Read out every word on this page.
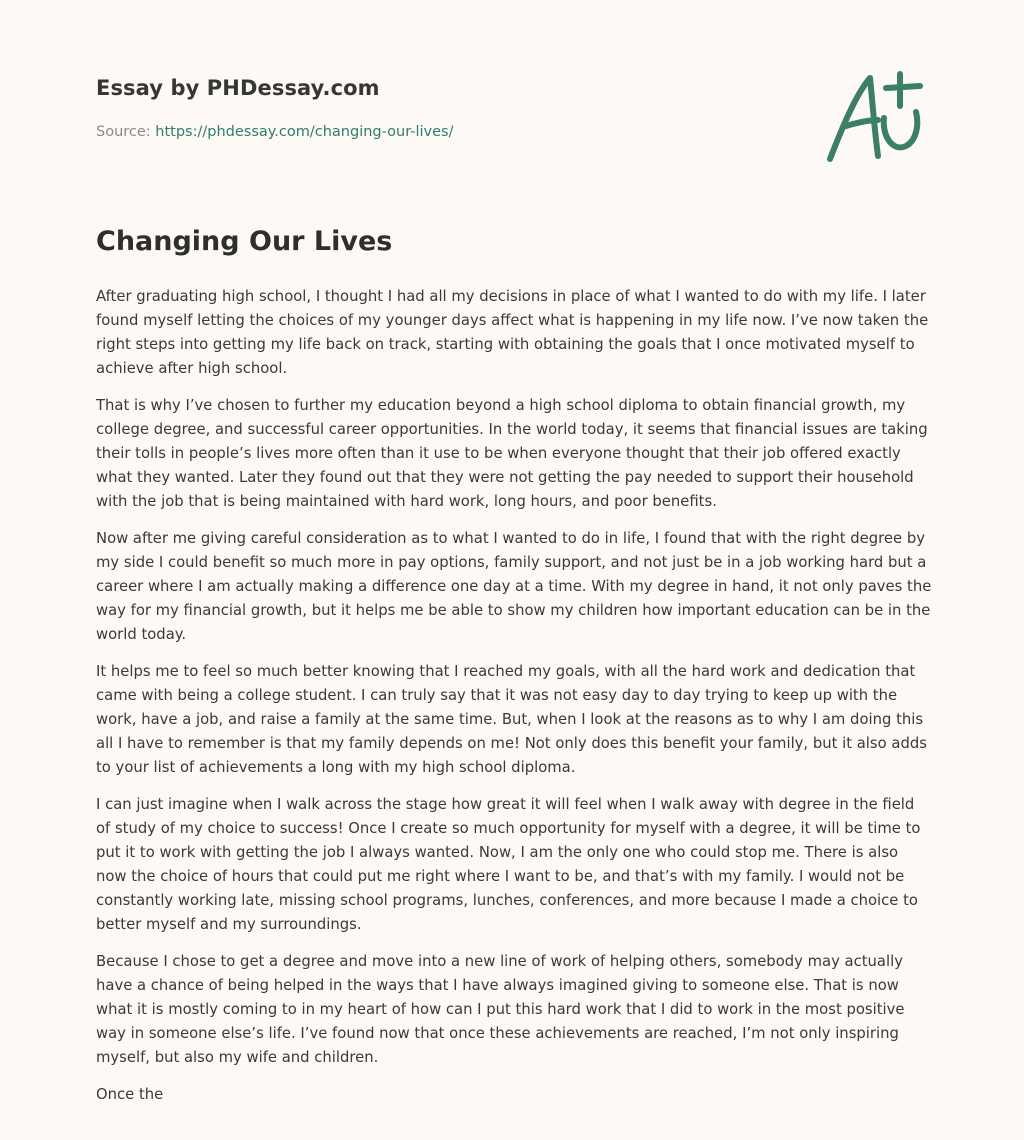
Essay by PHDessay.com
Source: https://phdessay.com/changing-our-lives/
Changing Our Lives

After graduating high school, I thought I had all my decisions in place of what I wanted to do with my life. I later found myself letting the choices of my younger days affect what is happening in my life now. I’ve now taken the right steps into getting my life back on track, starting with obtaining the goals that I once motivated myself to achieve after high school.

That is why I’ve chosen to further my education beyond a high school diploma to obtain financial growth, my college degree, and successful career opportunities. In the world today, it seems that financial issues are taking their tolls in people’s lives more often than it use to be when everyone thought that their job offered exactly what they wanted. Later they found out that they were not getting the pay needed to support their household with the job that is being maintained with hard work, long hours, and poor benefits.

Now after me giving careful consideration as to what I wanted to do in life, I found that with the right degree by my side I could benefit so much more in pay options, family support, and not just be in a job working hard but a career where I am actually making a difference one day at a time. With my degree in hand, it not only paves the way for my financial growth, but it helps me be able to show my children how important education can be in the world today.

It helps me to feel so much better knowing that I reached my goals, with all the hard work and dedication that came with being a college student. I can truly say that it was not easy day to day trying to keep up with the work, have a job, and raise a family at the same time. But, when I look at the reasons as to why I am doing this all I have to remember is that my family depends on me! Not only does this benefit your family, but it also adds to your list of achievements a long with my high school diploma.

I can just imagine when I walk across the stage how great it will feel when I walk away with degree in the field of study of my choice to success! Once I create so much opportunity for myself with a degree, it will be time to put it to work with getting the job I always wanted. Now, I am the only one who could stop me. There is also now the choice of hours that could put me right where I want to be, and that’s with my family. I would not be constantly working late, missing school programs, lunches, conferences, and more because I made a choice to better myself and my surroundings.

Because I chose to get a degree and move into a new line of work of helping others, somebody may actually have a chance of being helped in the ways that I have always imagined giving to someone else. That is now what it is mostly coming to in my heart of how can I put this hard work that I did to work in the most positive way in someone else’s life. I’ve found now that once these achievements are reached, I’m not only inspiring myself, but also my wife and children.

Once the
